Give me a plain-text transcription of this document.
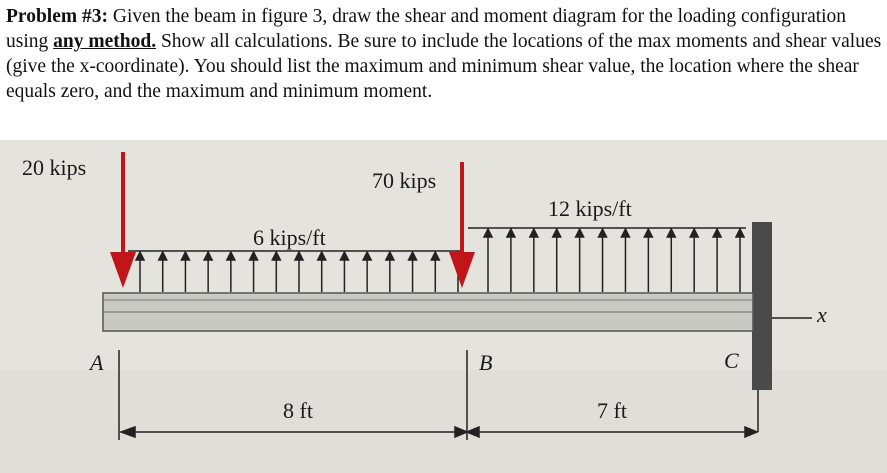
Problem #3: Given the beam in figure 3, draw the shear and moment diagram for the loading configuration using any method. Show all calculations. Be sure to include the locations of the max moments and shear values (give the x-coordinate). You should list the maximum and minimum shear value, the location where the shear equals zero, and the maximum and minimum moment.

20 kips
70 kips
6 kips/ft
12 kips/ft
A	B	C
x
8 ft	7 ft
